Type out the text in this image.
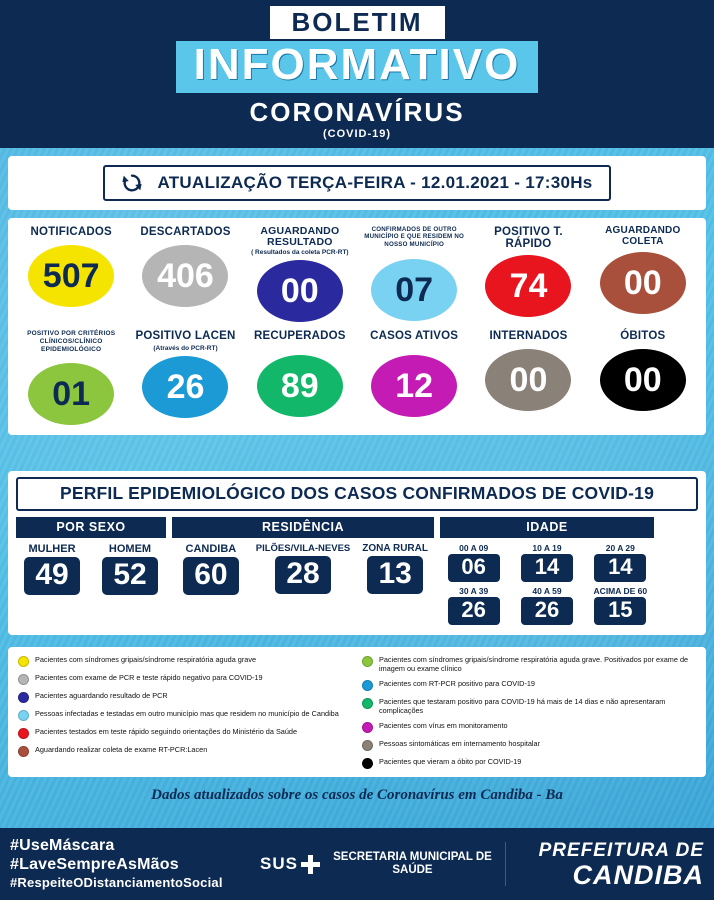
BOLETIM
INFORMATIVO
CORONAVÍRUS
(COVID-19)
ATUALIZAÇÃO TERÇA-FEIRA - 12.01.2021 - 17:30Hs
NOTIFICADOS
507
DESCARTADOS
406
AGUARDANDO RESULTADO
( Resultados da coleta PCR-RT)
00
CONFIRMADOS DE OUTRO MUNICÍPIO E QUE RESIDEM NO NOSSO MUNICÍPIO
07
POSITIVO T. RÁPIDO
74
AGUARDANDO COLETA
00
POSITIVO POR CRITÉRIOS CLÍNICOS/CLÍNICO EPIDEMIOLÓGICO
01
POSITIVO LACEN
(Através do PCR-RT)
26
RECUPERADOS
89
CASOS ATIVOS
12
INTERNADOS
00
ÓBITOS
00
PERFIL EPIDEMIOLÓGICO DOS CASOS CONFIRMADOS DE COVID-19
POR SEXO
MULHER
49
HOMEM
52
RESIDÊNCIA
CANDIBA
60
PILÕES/VILA-NEVES
28
ZONA RURAL
13
IDADE
00 A 09
06
10 A 19
14
20 A 29
14
30 A 39
26
40 A 59
26
ACIMA DE 60
15
Pacientes com síndromes gripais/síndrome respiratória aguda grave
Pacientes com exame de PCR e teste rápido negativo para COVID-19
Pacientes aguardando resultado de PCR
Pessoas infectadas e testadas em outro município mas que residem no município de Candiba
Pacientes testados em teste rápido seguindo orientações do Ministério da Saúde
Aguardando realizar coleta de exame RT-PCR:Lacen
Pacientes com síndromes gripais/síndrome respiratória aguda grave. Positivados por exame de imagem ou exame clínico
Pacientes com RT-PCR positivo para COVID-19
Pacientes que testaram positivo para COVID-19 há mais de 14 dias e não apresentaram complicações
Pacientes com vírus em monitoramento
Pessoas sintomáticas em internamento hospitalar
Pacientes que vieram a óbito por COVID-19
Dados atualizados sobre os casos de Coronavírus em Candiba - Ba
#UseMáscara
#LaveSempreAsMãos
#RespeiteODistanciamentoSocial
SUS	SECRETARIA MUNICIPAL DE SAÚDE
PREFEITURA DE
CANDIBA
